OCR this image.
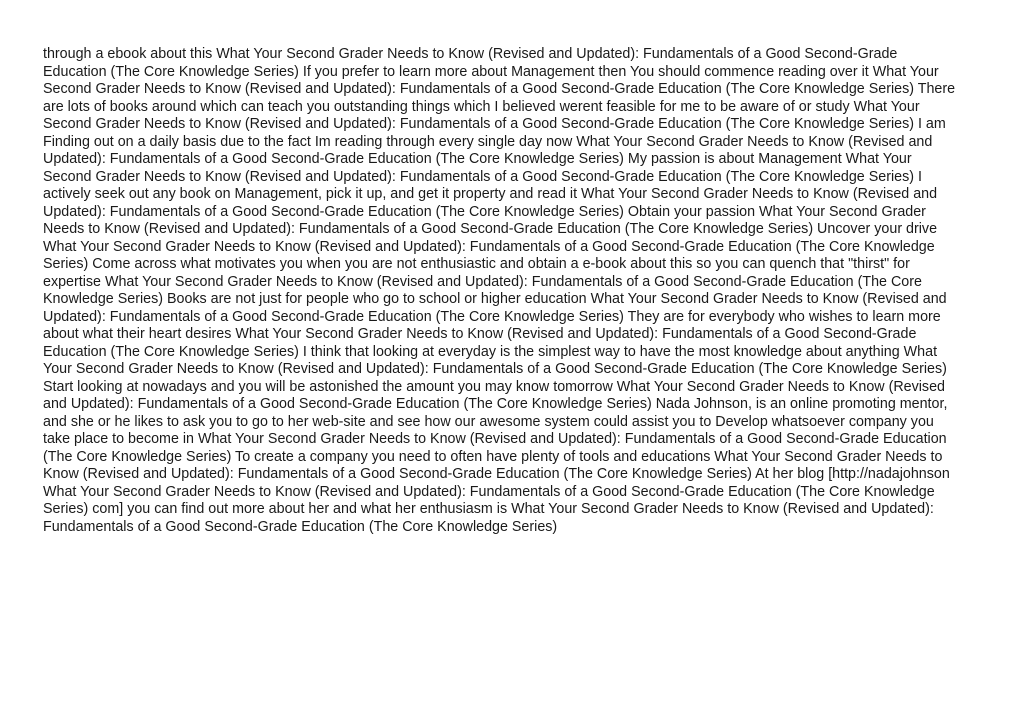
through a ebook about this What Your Second Grader Needs to Know (Revised and Updated): Fundamentals of a Good Second-Grade
Education (The Core Knowledge Series) If you prefer to learn more about Management then You should commence reading over it What Your
Second Grader Needs to Know (Revised and Updated): Fundamentals of a Good Second-Grade Education (The Core Knowledge Series) There
are lots of books around which can teach you outstanding things which I believed werent feasible for me to be aware of or study What Your
Second Grader Needs to Know (Revised and Updated): Fundamentals of a Good Second-Grade Education (The Core Knowledge Series) I am
Finding out on a daily basis due to the fact Im reading through every single day now What Your Second Grader Needs to Know (Revised and
Updated): Fundamentals of a Good Second-Grade Education (The Core Knowledge Series) My passion is about Management What Your
Second Grader Needs to Know (Revised and Updated): Fundamentals of a Good Second-Grade Education (The Core Knowledge Series) I
actively seek out any book on Management, pick it up, and get it property and read it What Your Second Grader Needs to Know (Revised and
Updated): Fundamentals of a Good Second-Grade Education (The Core Knowledge Series) Obtain your passion What Your Second Grader
Needs to Know (Revised and Updated): Fundamentals of a Good Second-Grade Education (The Core Knowledge Series) Uncover your drive
What Your Second Grader Needs to Know (Revised and Updated): Fundamentals of a Good Second-Grade Education (The Core Knowledge
Series) Come across what motivates you when you are not enthusiastic and obtain a e-book about this so you can quench that "thirst" for
expertise What Your Second Grader Needs to Know (Revised and Updated): Fundamentals of a Good Second-Grade Education (The Core
Knowledge Series) Books are not just for people who go to school or higher education What Your Second Grader Needs to Know (Revised and
Updated): Fundamentals of a Good Second-Grade Education (The Core Knowledge Series) They are for everybody who wishes to learn more
about what their heart desires What Your Second Grader Needs to Know (Revised and Updated): Fundamentals of a Good Second-Grade
Education (The Core Knowledge Series) I think that looking at everyday is the simplest way to have the most knowledge about anything What
Your Second Grader Needs to Know (Revised and Updated): Fundamentals of a Good Second-Grade Education (The Core Knowledge Series)
Start looking at nowadays and you will be astonished the amount you may know tomorrow What Your Second Grader Needs to Know (Revised
and Updated): Fundamentals of a Good Second-Grade Education (The Core Knowledge Series) Nada Johnson, is an online promoting mentor,
and she or he likes to ask you to go to her web-site and see how our awesome system could assist you to Develop whatsoever company you
take place to become in What Your Second Grader Needs to Know (Revised and Updated): Fundamentals of a Good Second-Grade Education
(The Core Knowledge Series) To create a company you need to often have plenty of tools and educations What Your Second Grader Needs to
Know (Revised and Updated): Fundamentals of a Good Second-Grade Education (The Core Knowledge Series) At her blog [http://nadajohnson
What Your Second Grader Needs to Know (Revised and Updated): Fundamentals of a Good Second-Grade Education (The Core Knowledge
Series) com] you can find out more about her and what her enthusiasm is What Your Second Grader Needs to Know (Revised and Updated):
Fundamentals of a Good Second-Grade Education (The Core Knowledge Series)
